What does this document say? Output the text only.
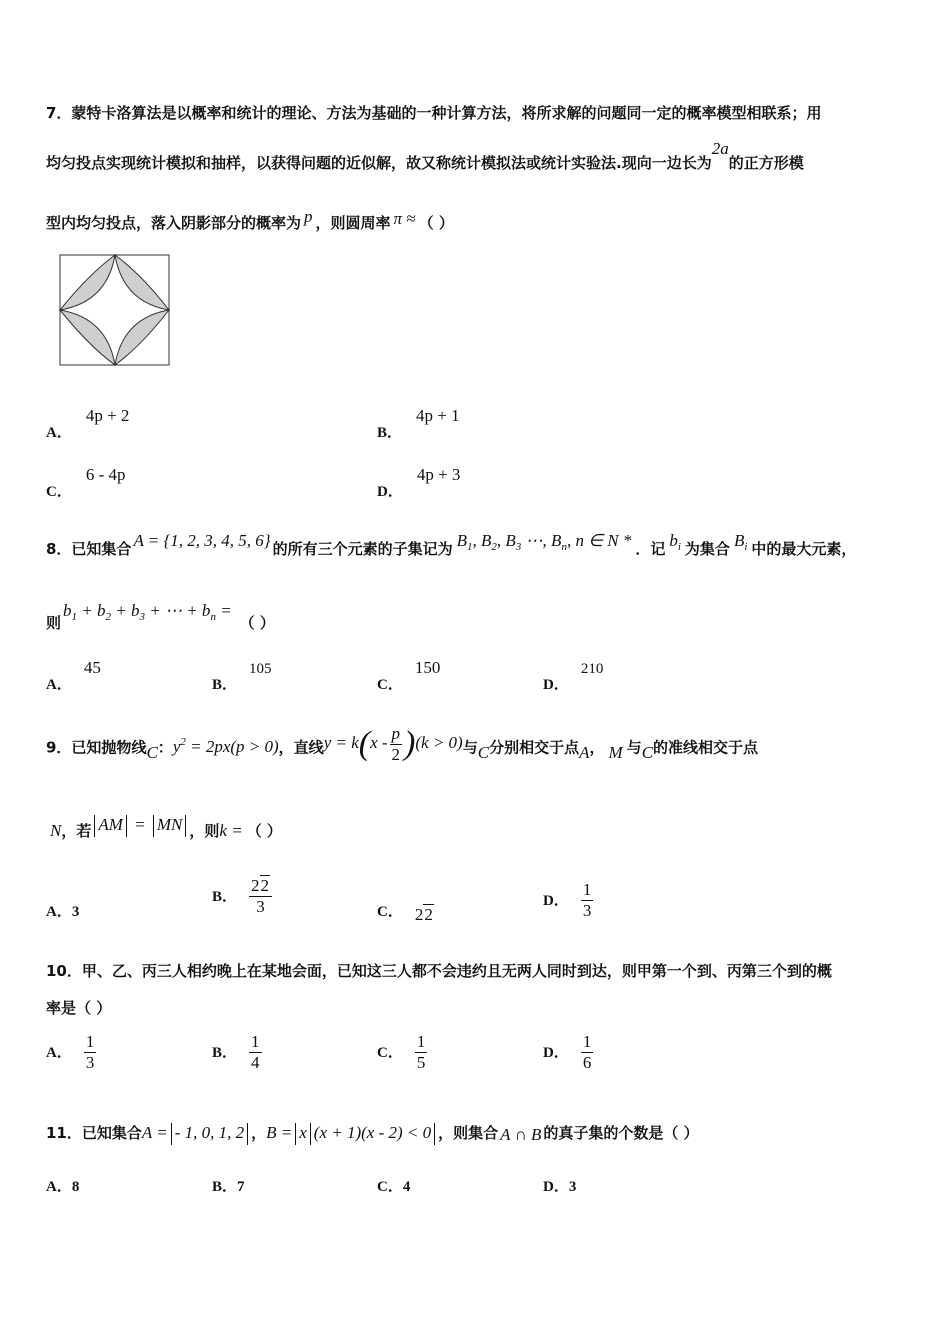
7．蒙特卡洛算法是以概率和统计的理论、方法为基础的一种计算方法，将所求解的问题同一定的概率模型相联系；用
均匀投点实现统计模拟和抽样，以获得问题的近似解，故又称统计模拟法或统计实验法.现向一边长为2a的正方形模
型内均匀投点，落入阴影部分的概率为 p ，则圆周率 π ≈ （ ）
A．4p + 2
B．4p + 1
C．6 - 4p
D．4p + 3
8．已知集合 A = {1, 2, 3, 4, 5, 6} 的所有三个元素的子集记为 $B_1$, $B_2$, $B_3$ ⋯, $B_n$, n ∈ N * ．记 $b_i$ 为集合 $B_i$ 中的最大元素，
则$b_1 + b_2 + b_3$ + ⋯ + $b_n$ =（ ）
A．45
B．105
C．150
D．210
9．已知抛物线C：$y^2 = 2px(p > 0)$，直线$y = k(x - \frac{p}{2} )(k > 0)$与C分别相交于点A， M 与C的准线相交于点
N，若 AM = MN ，则k = （ ）
A．3
B． $\frac{22}{3}$	C． 22
D． $\frac{1}{3}$
10．甲、乙、丙三人相约晚上在某地会面，已知这三人都不会违约且无两人同时到达，则甲第一个到、丙第三个到的概
率是（ ）
A． $\frac{1}{3}$	B． $\frac{1}{4}$	C． $\frac{1}{5}$	D． $\frac{1}{6}$
11．已知集合A = - 1, 0, 1, 2 ，B = x (x + 1)(x - 2) < 0 ，则集合 A ∩ B 的真子集的个数是（ ）
A．8	B．7	C．4	D．3
